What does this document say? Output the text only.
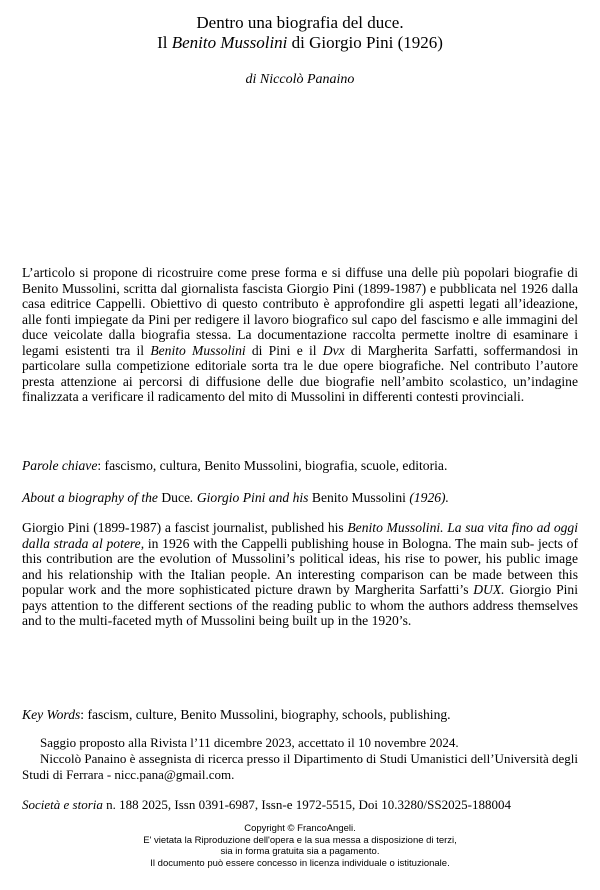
Dentro una biografia del duce.
Il Benito Mussolini di Giorgio Pini (1926)
di Niccolò Panaino

L’articolo si propone di ricostruire come prese forma e si diffuse una delle più popolari biografie di Benito Mussolini, scritta dal giornalista fascista Giorgio Pini (1899-1987) e pubblicata nel 1926 dalla casa editrice Cappelli. Obiettivo di questo contributo è approfondire gli aspetti legati all’ideazione, alle fonti impiegate da Pini per redigere il lavoro biografico sul capo del fascismo e alle immagini del duce veicolate dalla biografia stessa. La documentazione raccolta permette inoltre di esaminare i legami esistenti tra il Benito Mussolini di Pini e il Dvx di Margherita Sarfatti, soffermandosi in particolare sulla competizione editoriale sorta tra le due opere biografiche. Nel contributo l’autore presta attenzione ai percorsi di diffusione delle due biografie nell’ambito scolastico, un’indagine finalizzata a verificare il radicamento del mito di Mussolini in differenti contesti provinciali.

Parole chiave: fascismo, cultura, Benito Mussolini, biografia, scuole, editoria.
About a biography of the Duce. Giorgio Pini and his Benito Mussolini (1926).

Giorgio Pini (1899-1987) a fascist journalist, published his Benito Mussolini. La sua vita fino ad oggi dalla strada al potere, in 1926 with the Cappelli publishing house in Bologna. The main sub- jects of this contribution are the evolution of Mussolini’s political ideas, his rise to power, his public image and his relationship with the Italian people. An interesting comparison can be made between this popular work and the more sophisticated picture drawn by Margherita Sarfatti’s DUX. Giorgio Pini pays attention to the different sections of the reading public to whom the authors address themselves and to the multi-faceted myth of Mussolini being built up in the 1920’s.

Key Words: fascism, culture, Benito Mussolini, biography, schools, publishing.

Saggio proposto alla Rivista l’11 dicembre 2023, accettato il 10 novembre 2024.

Niccolò Panaino è assegnista di ricerca presso il Dipartimento di Studi Umanistici dell’Università degli Studi di Ferrara - nicc.pana@gmail.com.

Società e storia n. 188 2025, Issn 0391-6987, Issn-e 1972-5515, Doi 10.3280/SS2025-188004
Copyright © FrancoAngeli.
E' vietata la Riproduzione dell'opera e la sua messa a disposizione di terzi,
sia in forma gratuita sia a pagamento.
Il documento può essere concesso in licenza individuale o istituzionale.
